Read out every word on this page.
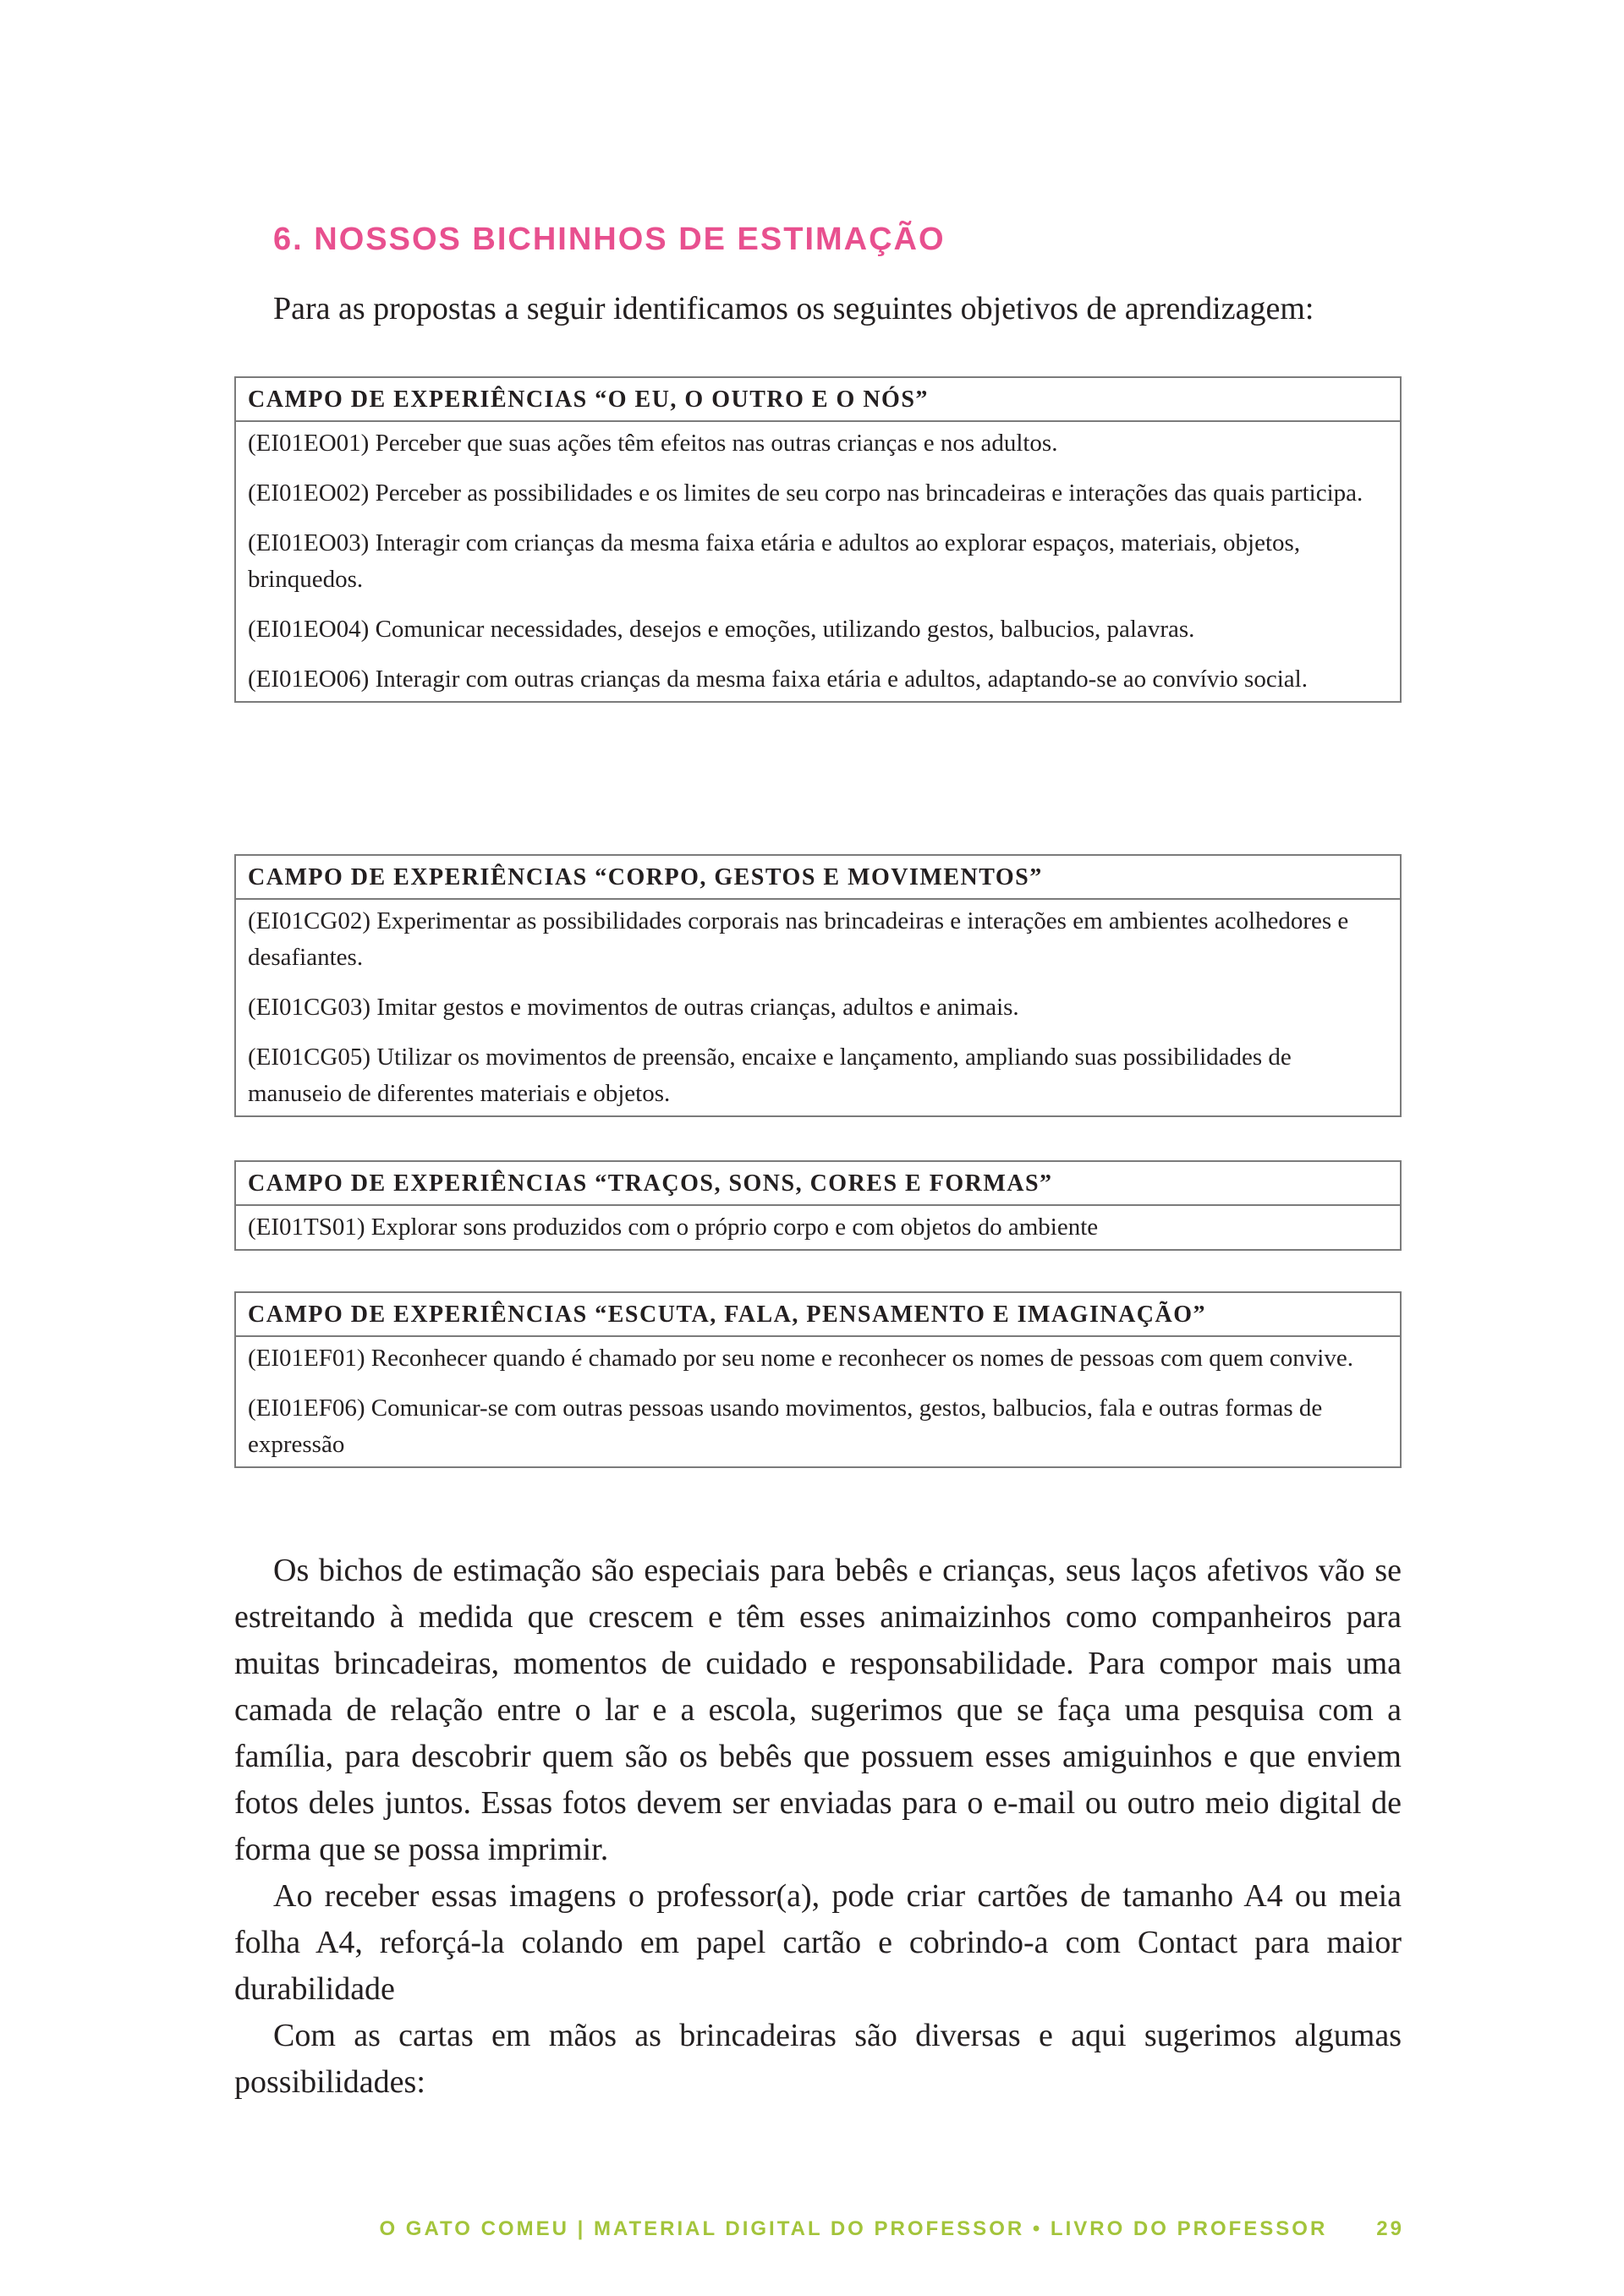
6. NOSSOS BICHINHOS DE ESTIMAÇÃO

Para as propostas a seguir identificamos os seguintes objetivos de aprendizagem:

CAMPO DE EXPERIÊNCIAS “O EU, O OUTRO E O NÓS”

(EI01EO01) Perceber que suas ações têm efeitos nas outras crianças e nos adultos.

(EI01EO02) Perceber as possibilidades e os limites de seu corpo nas brincadeiras e interações das quais participa.

(EI01EO03) Interagir com crianças da mesma faixa etária e adultos ao explorar espaços, materiais, objetos, brinquedos.

(EI01EO04) Comunicar necessidades, desejos e emoções, utilizando gestos, balbucios, palavras.

(EI01EO06) Interagir com outras crianças da mesma faixa etária e adultos, adaptando-se ao convívio social.

CAMPO DE EXPERIÊNCIAS “CORPO, GESTOS E MOVIMENTOS”

(EI01CG02) Experimentar as possibilidades corporais nas brincadeiras e interações em ambientes acolhedores e desafiantes.

(EI01CG03) Imitar gestos e movimentos de outras crianças, adultos e animais.

(EI01CG05) Utilizar os movimentos de preensão, encaixe e lançamento, ampliando suas possibilidades de manuseio de diferentes materiais e objetos.

CAMPO DE EXPERIÊNCIAS “TRAÇOS, SONS, CORES E FORMAS”

(EI01TS01) Explorar sons produzidos com o próprio corpo e com objetos do ambiente

CAMPO DE EXPERIÊNCIAS “ESCUTA, FALA, PENSAMENTO E IMAGINAÇÃO”

(EI01EF01) Reconhecer quando é chamado por seu nome e reconhecer os nomes de pessoas com quem convive.

(EI01EF06) Comunicar-se com outras pessoas usando movimentos, gestos, balbucios, fala e outras formas de expressão

Os bichos de estimação são especiais para bebês e crianças, seus laços afetivos vão se estreitando à medida que crescem e têm esses animaizinhos como companheiros para muitas brincadeiras, momentos de cuidado e responsabilidade. Para compor mais uma camada de relação entre o lar e a escola, sugerimos que se faça uma pesquisa com a família, para descobrir quem são os bebês que possuem esses amiguinhos e que enviem fotos deles juntos. Essas fotos devem ser enviadas para o e-mail ou outro meio digital de forma que se possa imprimir.

Ao receber essas imagens o professor(a), pode criar cartões de tamanho A4 ou meia folha A4, reforçá-la colando em papel cartão e cobrindo-a com Contact para maior durabilidade

Com as cartas em mãos as brincadeiras são diversas e aqui sugerimos algumas possibilidades:

O GATO COMEU | MATERIAL DIGITAL DO PROFESSOR • LIVRO DO PROFESSOR 29
